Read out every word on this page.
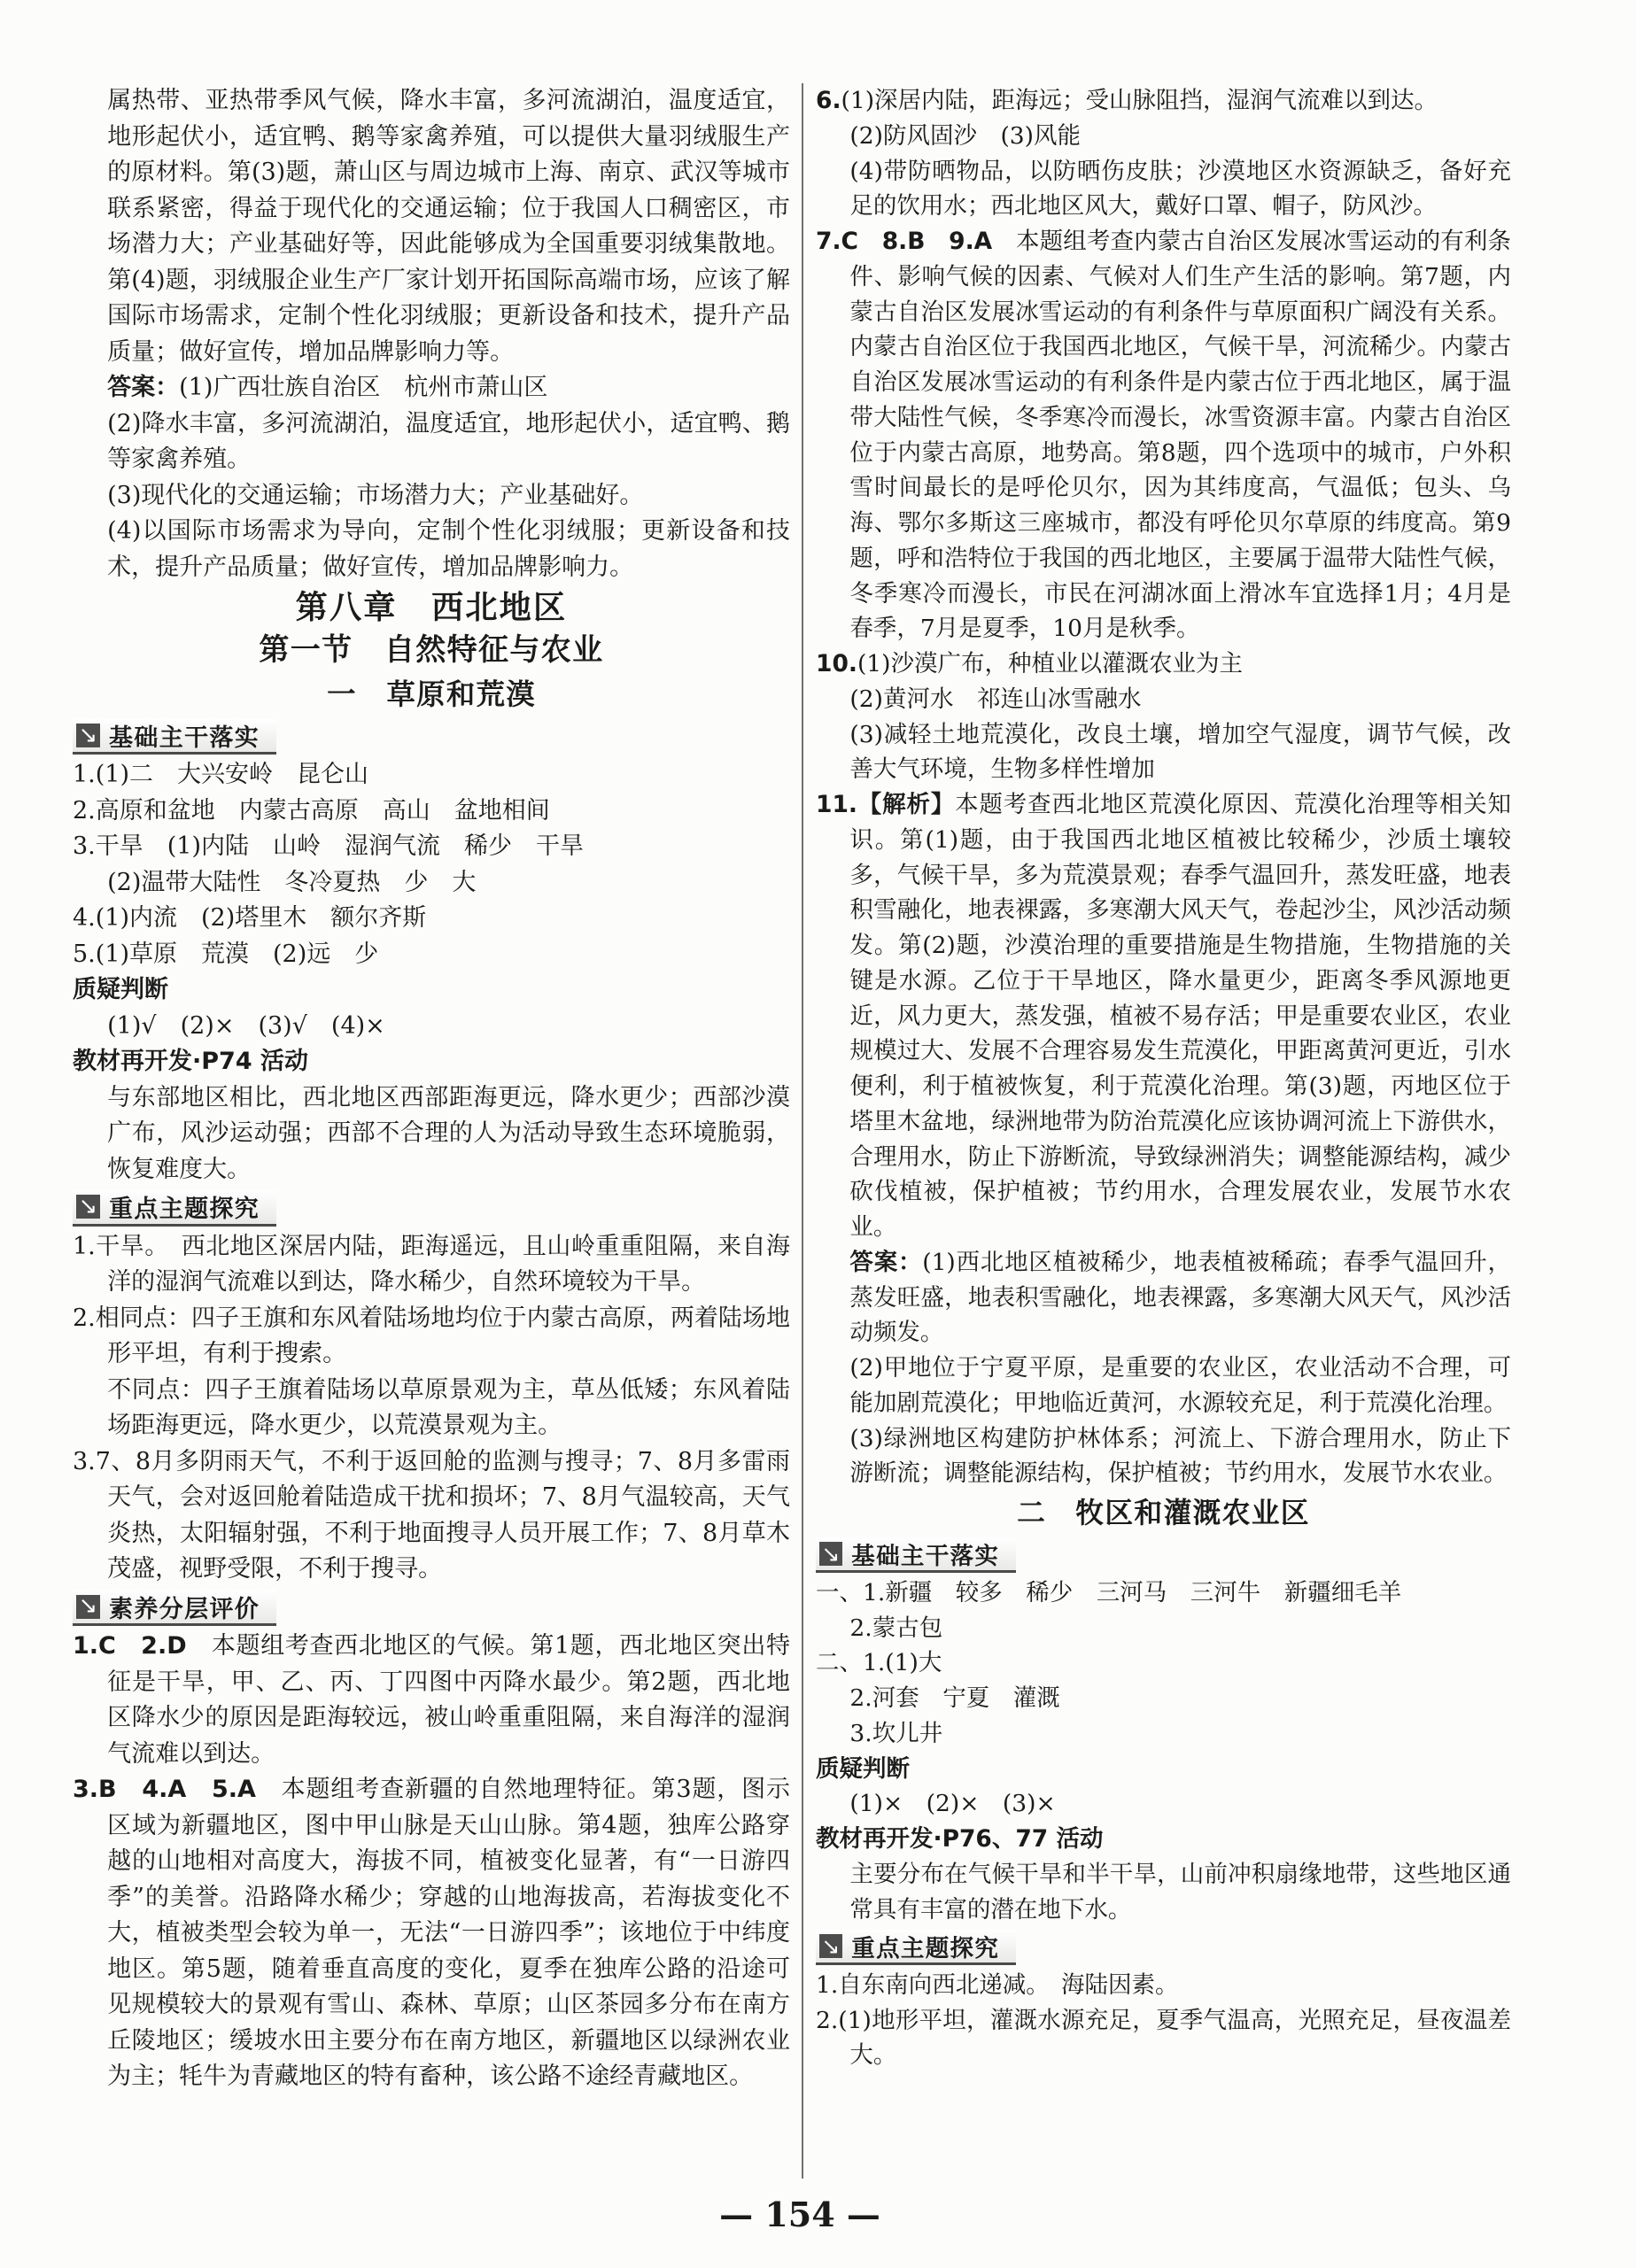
属热带、亚热带季风气候，降水丰富，多河流湖泊，温度适宜，地形起伏小，适宜鸭、鹅等家禽养殖，可以提供大量羽绒服生产的原材料。第(3)题，萧山区与周边城市上海、南京、武汉等城市联系紧密，得益于现代化的交通运输；位于我国人口稠密区，市场潜力大；产业基础好等，因此能够成为全国重要羽绒集散地。第(4)题，羽绒服企业生产厂家计划开拓国际高端市场，应该了解国际市场需求，定制个性化羽绒服；更新设备和技术，提升产品质量；做好宣传，增加品牌影响力等。

答案：(1)广西壮族自治区　杭州市萧山区

(2)降水丰富，多河流湖泊，温度适宜，地形起伏小，适宜鸭、鹅等家禽养殖。

(3)现代化的交通运输；市场潜力大；产业基础好。

(4)以国际市场需求为导向，定制个性化羽绒服；更新设备和技术，提升产品质量；做好宣传，增加品牌影响力。

第八章　西北地区
第一节　自然特征与农业
一　草原和荒漠
↘ 基础主干落实

1.(1)二　大兴安岭　昆仑山

2.高原和盆地　内蒙古高原　高山　盆地相间

3.干旱　(1)内陆　山岭　湿润气流　稀少　干旱

(2)温带大陆性　冬冷夏热　少　大

4.(1)内流　(2)塔里木　额尔齐斯

5.(1)草原　荒漠　(2)远　少

质疑判断

(1)√　(2)×　(3)√　(4)×

教材再开发·P74 活动

与东部地区相比，西北地区西部距海更远，降水更少；西部沙漠广布，风沙运动强；西部不合理的人为活动导致生态环境脆弱，恢复难度大。

↘ 重点主题探究

1.干旱。　西北地区深居内陆，距海遥远，且山岭重重阻隔，来自海洋的湿润气流难以到达，降水稀少，自然环境较为干旱。

2.相同点：四子王旗和东风着陆场地均位于内蒙古高原，两着陆场地形平坦，有利于搜索。

不同点：四子王旗着陆场以草原景观为主，草丛低矮；东风着陆场距海更远，降水更少，以荒漠景观为主。

3.7、8月多阴雨天气，不利于返回舱的监测与搜寻；7、8月多雷雨天气，会对返回舱着陆造成干扰和损坏；7、8月气温较高，天气炎热，太阳辐射强，不利于地面搜寻人员开展工作；7、8月草木茂盛，视野受限，不利于搜寻。

↘ 素养分层评价

1.C　2.D　本题组考查西北地区的气候。第1题，西北地区突出特征是干旱，甲、乙、丙、丁四图中丙降水最少。第2题，西北地区降水少的原因是距海较远，被山岭重重阻隔，来自海洋的湿润气流难以到达。

3.B　4.A　5.A　本题组考查新疆的自然地理特征。第3题，图示区域为新疆地区，图中甲山脉是天山山脉。第4题，独库公路穿越的山地相对高度大，海拔不同，植被变化显著，有“一日游四季”的美誉。沿路降水稀少；穿越的山地海拔高，若海拔变化不大，植被类型会较为单一，无法“一日游四季”；该地位于中纬度地区。第5题，随着垂直高度的变化，夏季在独库公路的沿途可见规模较大的景观有雪山、森林、草原；山区茶园多分布在南方丘陵地区；缓坡水田主要分布在南方地区，新疆地区以绿洲农业为主；牦牛为青藏地区的特有畜种，该公路不途经青藏地区。

6.(1)深居内陆，距海远；受山脉阻挡，湿润气流难以到达。

(2)防风固沙　(3)风能

(4)带防晒物品，以防晒伤皮肤；沙漠地区水资源缺乏，备好充足的饮用水；西北地区风大，戴好口罩、帽子，防风沙。

7.C　8.B　9.A　本题组考查内蒙古自治区发展冰雪运动的有利条件、影响气候的因素、气候对人们生产生活的影响。第7题，内蒙古自治区发展冰雪运动的有利条件与草原面积广阔没有关系。内蒙古自治区位于我国西北地区，气候干旱，河流稀少。内蒙古自治区发展冰雪运动的有利条件是内蒙古位于西北地区，属于温带大陆性气候，冬季寒冷而漫长，冰雪资源丰富。内蒙古自治区位于内蒙古高原，地势高。第8题，四个选项中的城市，户外积雪时间最长的是呼伦贝尔，因为其纬度高，气温低；包头、乌海、鄂尔多斯这三座城市，都没有呼伦贝尔草原的纬度高。第9题，呼和浩特位于我国的西北地区，主要属于温带大陆性气候，冬季寒冷而漫长，市民在河湖冰面上滑冰车宜选择1月；4月是春季，7月是夏季，10月是秋季。

10.(1)沙漠广布，种植业以灌溉农业为主

(2)黄河水　祁连山冰雪融水

(3)减轻土地荒漠化，改良土壤，增加空气湿度，调节气候，改善大气环境，生物多样性增加

11.【解析】本题考查西北地区荒漠化原因、荒漠化治理等相关知识。第(1)题，由于我国西北地区植被比较稀少，沙质土壤较多，气候干旱，多为荒漠景观；春季气温回升，蒸发旺盛，地表积雪融化，地表裸露，多寒潮大风天气，卷起沙尘，风沙活动频发。第(2)题，沙漠治理的重要措施是生物措施，生物措施的关键是水源。乙位于干旱地区，降水量更少，距离冬季风源地更近，风力更大，蒸发强，植被不易存活；甲是重要农业区，农业规模过大、发展不合理容易发生荒漠化，甲距离黄河更近，引水便利，利于植被恢复，利于荒漠化治理。第(3)题，丙地区位于塔里木盆地，绿洲地带为防治荒漠化应该协调河流上下游供水，合理用水，防止下游断流，导致绿洲消失；调整能源结构，减少砍伐植被，保护植被；节约用水，合理发展农业，发展节水农业。

答案：(1)西北地区植被稀少，地表植被稀疏；春季气温回升，蒸发旺盛，地表积雪融化，地表裸露，多寒潮大风天气，风沙活动频发。

(2)甲地位于宁夏平原，是重要的农业区，农业活动不合理，可能加剧荒漠化；甲地临近黄河，水源较充足，利于荒漠化治理。

(3)绿洲地区构建防护林体系；河流上、下游合理用水，防止下游断流；调整能源结构，保护植被；节约用水，发展节水农业。

二　牧区和灌溉农业区
↘ 基础主干落实

一、1.新疆　较多　稀少　三河马　三河牛　新疆细毛羊

2.蒙古包

二、1.(1)大

2.河套　宁夏　灌溉

3.坎儿井

质疑判断

(1)×　(2)×　(3)×

教材再开发·P76、77 活动

主要分布在气候干旱和半干旱，山前冲积扇缘地带，这些地区通常具有丰富的潜在地下水。

↘ 重点主题探究

1.自东南向西北递减。　海陆因素。

2.(1)地形平坦，灌溉水源充足，夏季气温高，光照充足，昼夜温差大。

— 154 —
